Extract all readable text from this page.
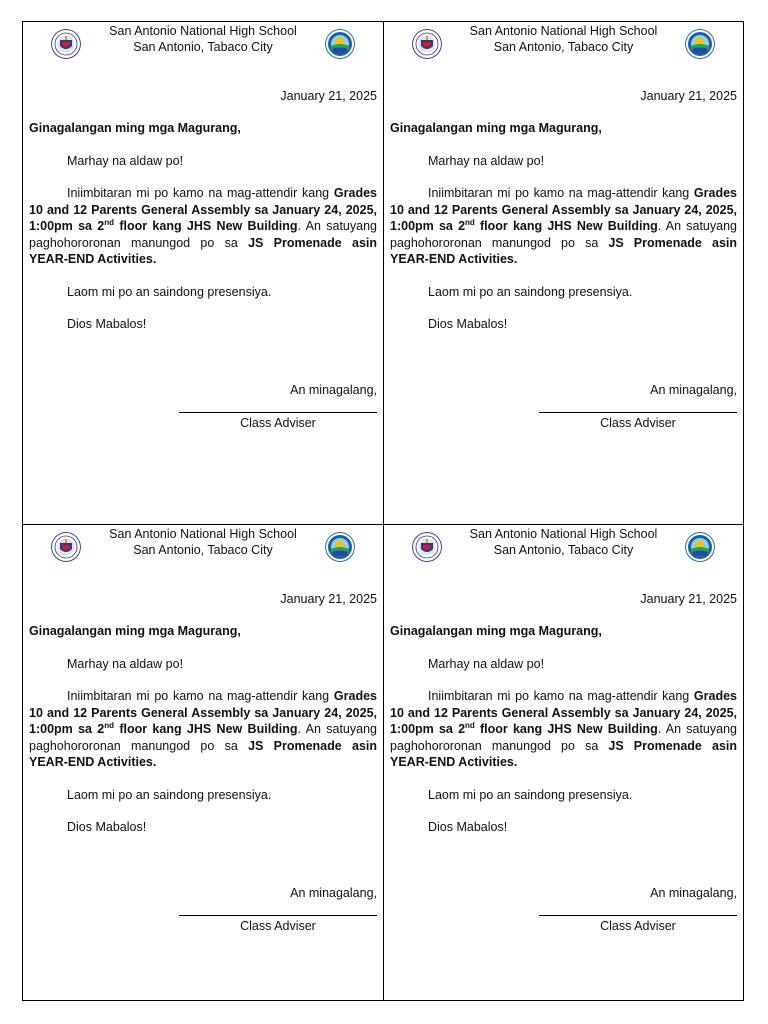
San Antonio National High School
San Antonio, Tabaco City
January 21, 2025
Ginagalangan ming mga Magurang,
Marhay na aldaw po!
Iniimbitaran mi po kamo na mag-attendir kang Grades 10 and 12 Parents General Assembly sa January 24, 2025, 1:00pm sa 2nd floor kang JHS New Building. An satuyang paghohororonan manungod po sa JS Promenade asin YEAR-END Activities.
Laom mi po an saindong presensiya.
Dios Mabalos!
An minagalang,
Class Adviser
San Antonio National High School
San Antonio, Tabaco City
January 21, 2025
Ginagalangan ming mga Magurang,
Marhay na aldaw po!
Iniimbitaran mi po kamo na mag-attendir kang Grades 10 and 12 Parents General Assembly sa January 24, 2025, 1:00pm sa 2nd floor kang JHS New Building. An satuyang paghohororonan manungod po sa JS Promenade asin YEAR-END Activities.
Laom mi po an saindong presensiya.
Dios Mabalos!
An minagalang,
Class Adviser
San Antonio National High School
San Antonio, Tabaco City
January 21, 2025
Ginagalangan ming mga Magurang,
Marhay na aldaw po!
Iniimbitaran mi po kamo na mag-attendir kang Grades 10 and 12 Parents General Assembly sa January 24, 2025, 1:00pm sa 2nd floor kang JHS New Building. An satuyang paghohororonan manungod po sa JS Promenade asin YEAR-END Activities.
Laom mi po an saindong presensiya.
Dios Mabalos!
An minagalang,
Class Adviser
San Antonio National High School
San Antonio, Tabaco City
January 21, 2025
Ginagalangan ming mga Magurang,
Marhay na aldaw po!
Iniimbitaran mi po kamo na mag-attendir kang Grades 10 and 12 Parents General Assembly sa January 24, 2025, 1:00pm sa 2nd floor kang JHS New Building. An satuyang paghohororonan manungod po sa JS Promenade asin YEAR-END Activities.
Laom mi po an saindong presensiya.
Dios Mabalos!
An minagalang,
Class Adviser
